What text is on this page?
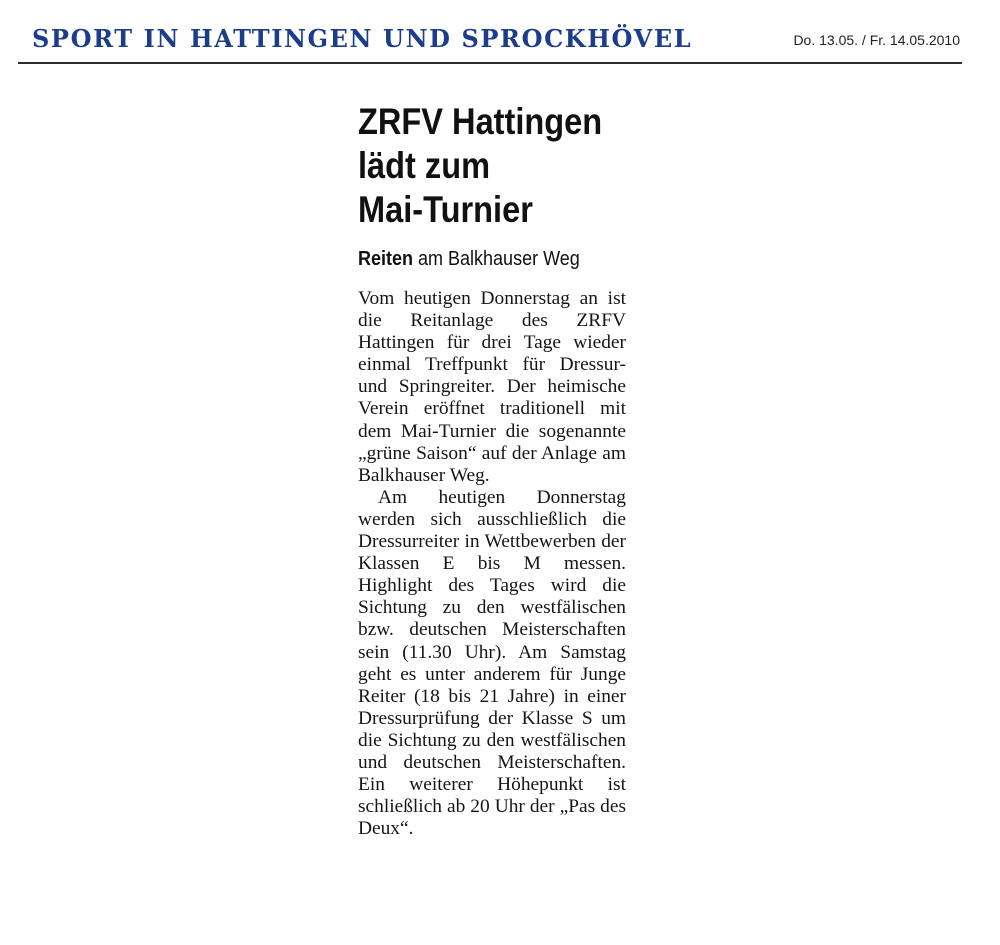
SPORT IN HATTINGEN UND SPROCKHÖVEL	Do. 13.05. / Fr. 14.05.2010
ZRFV Hattingen
lädt zum
Mai-Turnier
Reiten am Balkhauser Weg

Vom heutigen Donnerstag an ist die Reitanlage des ZRFV Hattingen für drei Tage wieder einmal Treffpunkt für Dressur- und Springreiter. Der heimische Verein eröffnet traditionell mit dem Mai-Turnier die sogenannte „grüne Saison“ auf der Anlage am Balkhauser Weg.

Am heutigen Donnerstag werden sich ausschließlich die Dressurreiter in Wettbewerben der Klassen E bis M messen. Highlight des Tages wird die Sichtung zu den westfälischen bzw. deutschen Meisterschaften sein (11.30 Uhr). Am Samstag geht es unter anderem für Junge Reiter (18 bis 21 Jahre) in einer Dressurprüfung der Klasse S um die Sichtung zu den westfälischen und deutschen Meisterschaften. Ein weiterer Höhepunkt ist schließlich ab 20 Uhr der „Pas des Deux“.
